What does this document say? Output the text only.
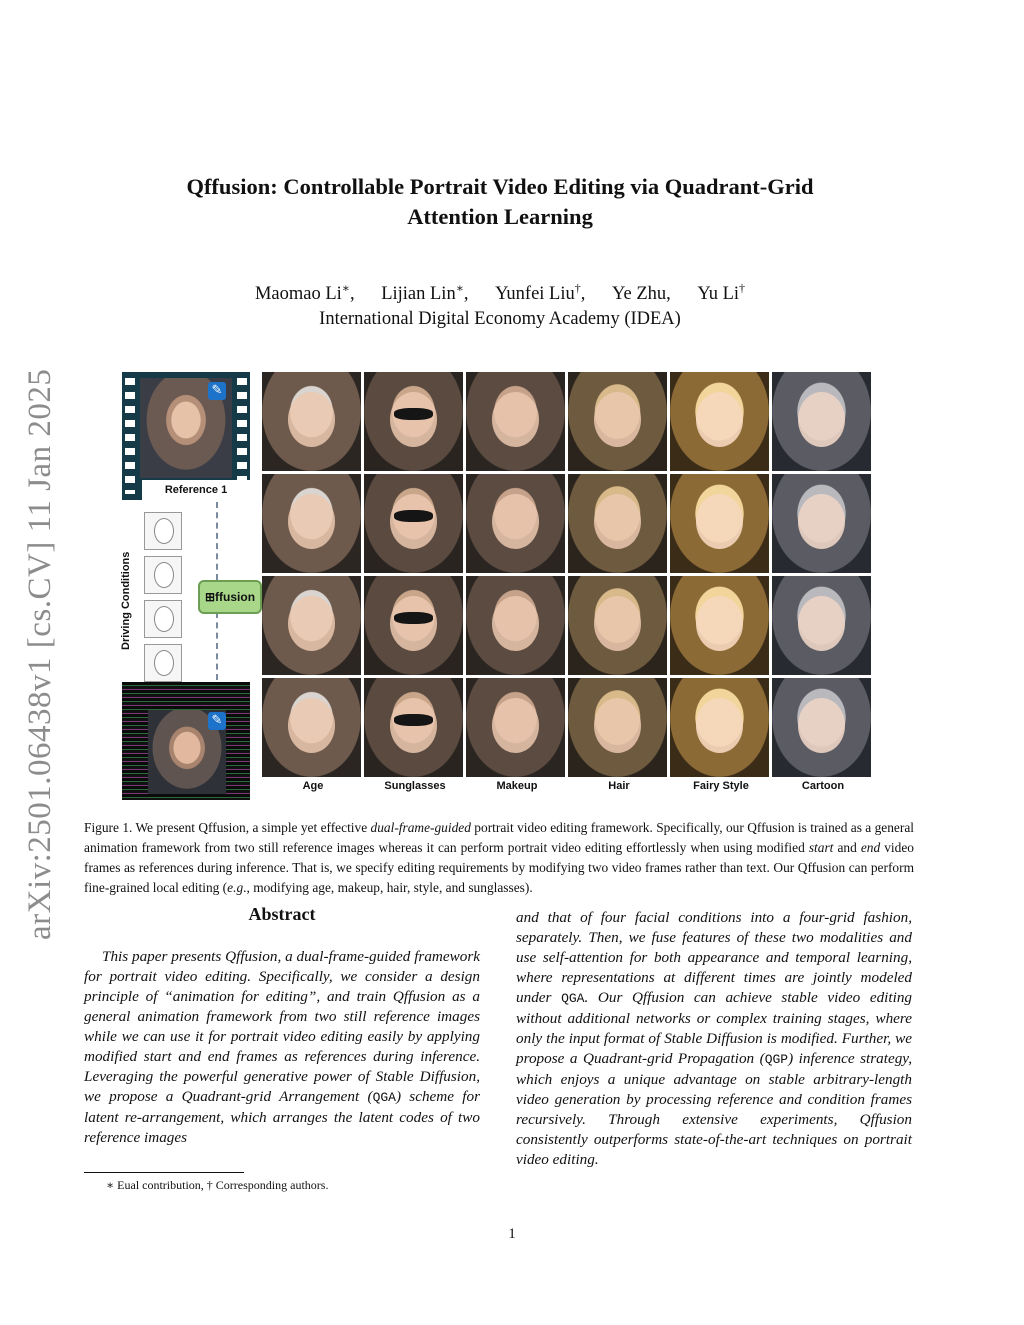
arXiv:2501.06438v1 [cs.CV] 11 Jan 2025
Qffusion: Controllable Portrait Video Editing via Quadrant-Grid
Attention Learning
Maomao Li∗, Lijian Lin∗, Yunfei Liu†, Ye Zhu, Yu Li†
International Digital Economy Academy (IDEA)
Reference 1
✎
Driving Conditions	⊞ffusion
✎
Age	Sunglasses	Makeup	Hair	Fairy Style	Cartoon
Figure 1. We present Qffusion, a simple yet effective dual-frame-guided portrait video editing framework. Specifically, our Qffusion is trained as a general animation framework from two still reference images whereas it can perform portrait video editing effortlessly when using modified start and end video frames as references during inference. That is, we specify editing requirements by modifying two video frames rather than text. Our Qffusion can perform fine-grained local editing (e.g., modifying age, makeup, hair, style, and sunglasses).
Abstract
This paper presents Qffusion, a dual-frame-guided framework for portrait video editing. Specifically, we consider a design principle of “animation for editing”, and train Qffusion as a general animation framework from two still reference images while we can use it for portrait video editing easily by applying modified start and end frames as references during inference. Leveraging the powerful generative power of Stable Diffusion, we propose a Quadrant-grid Arrangement (QGA) scheme for latent re-arrangement, which arranges the latent codes of two reference images
and that of four facial conditions into a four-grid fashion, separately. Then, we fuse features of these two modalities and use self-attention for both appearance and temporal learning, where representations at different times are jointly modeled under QGA. Our Qffusion can achieve stable video editing without additional networks or complex training stages, where only the input format of Stable Diffusion is modified. Further, we propose a Quadrant-grid Propagation (QGP) inference strategy, which enjoys a unique advantage on stable arbitrary-length video generation by processing reference and condition frames recursively. Through extensive experiments, Qffusion consistently outperforms state-of-the-art techniques on portrait video editing.
∗ Eual contribution, † Corresponding authors.
1
